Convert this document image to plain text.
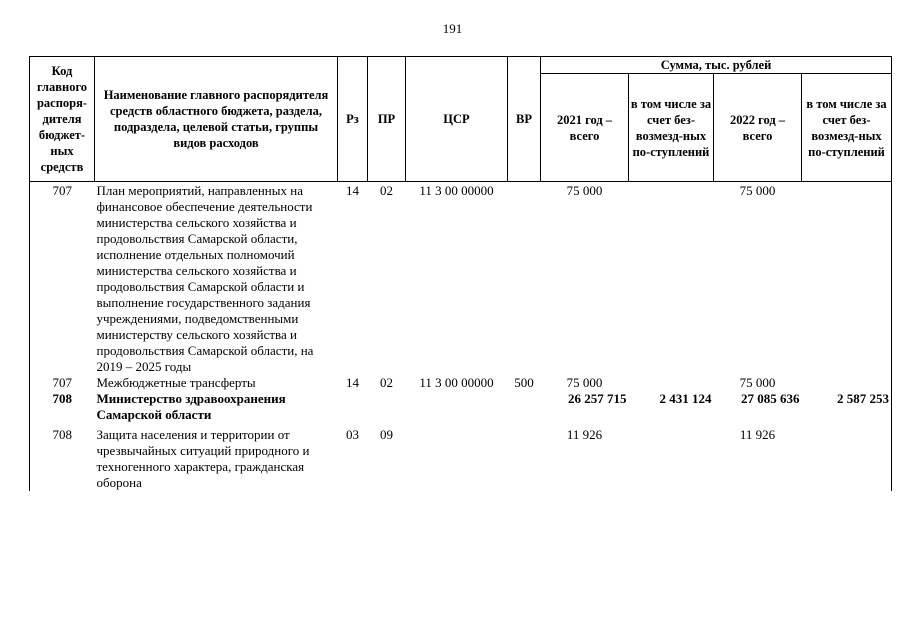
191
Код главного распоря-дителя бюджет-ных средств	Наименование главного распорядителя средств областного бюджета, раздела, подраздела, целевой статьи, группы видов расходов	Рз	ПР	ЦСР	ВР	Сумма, тыс. рублей			
						2021 год – всего	в том числе за счет без-возмезд-ных по-ступлений	2022 год – всего	в том числе за счет без-возмезд-ных по-ступлений
707	План мероприятий, направленных на финансовое обеспечение деятельности министерства сельского хозяйства и продовольствия Самарской области, исполнение отдельных полномочий министерства сельского хозяйства и продовольствия Самарской области и выполнение государственного задания учреждениями, подведомственными министерству сельского хозяйства и продовольствия Самарской области, на 2019 – 2025 годы	14	02	11 3 00 00000		75 000		75 000	
707	Межбюджетные трансферты	14	02	11 3 00 00000	500	75 000		75 000	
708	Министерство здравоохранения Самарской области					26 257 715	2 431 124	27 085 636	2 587 253
708	Защита населения и территории от чрезвычайных ситуаций природного и техногенного характера, гражданская оборона	03	09			11 926		11 926	
